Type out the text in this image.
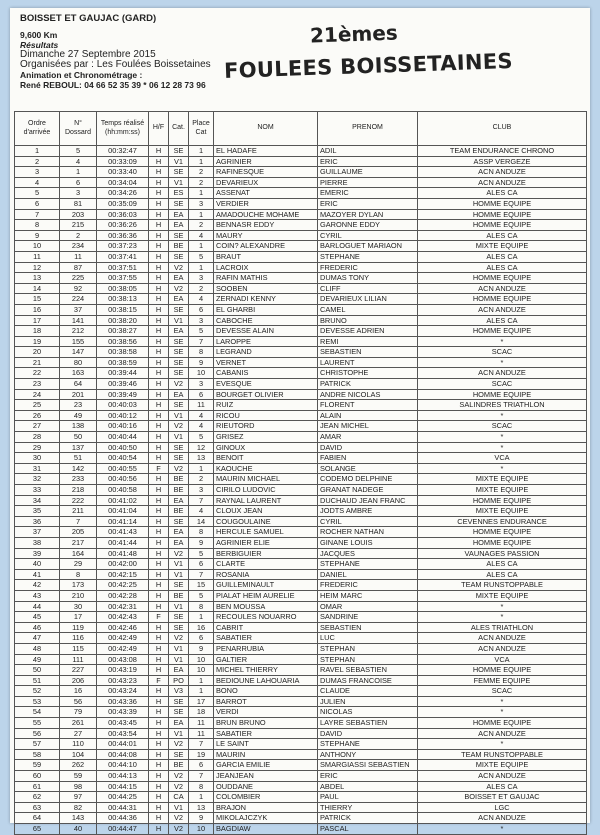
BOISSET ET GAUJAC (GARD)
9,600 Km
Résultats
Dimanche 27 Septembre 2015
Organisées par : Les Foulées Boissetaines
Animation et Chronométrage :
René REBOUL: 04 66 52 35 39 * 06 12 28 73 96
21èmes
FOULEES BOISSETAINES
Ordre d'arrivée	N° Dossard	Temps réalisé (hh:mm:ss)	H/F	Cat.	Place Cat	NOM	PRENOM	CLUB
1	5	00:32:47	H	SE	1	EL HADAFE	ADIL	TEAM ENDURANCE CHRONO
2	4	00:33:09	H	V1	1	AGRINIER	ERIC	ASSP VERGEZE
3	1	00:33:40	H	SE	2	RAFINESQUE	GUILLAUME	ACN ANDUZE
4	6	00:34:04	H	V1	2	DEVARIEUX	PIERRE	ACN ANDUZE
5	3	00:34:26	H	ES	1	ASSENAT	EMERIC	ALES CA
6	81	00:35:09	H	SE	3	VERDIER	ERIC	HOMME EQUIPE
7	203	00:36:03	H	EA	1	AMADOUCHE MOHAME	MAZOYER DYLAN	HOMME EQUIPE
8	215	00:36:26	H	EA	2	BENNASR EDDY	GARONNE EDDY	HOMME EQUIPE
9	2	00:36:36	H	SE	4	MAURY	CYRIL	ALES CA
10	234	00:37:23	H	BE	1	COIN? ALEXANDRE	BARLOGUET MARIAON	MIXTE EQUIPE
11	11	00:37:41	H	SE	5	BRAUT	STEPHANE	ALES CA
12	87	00:37:51	H	V2	1	LACROIX	FREDERIC	ALES CA
13	225	00:37:55	H	EA	3	RAFIN MATHIS	DUMAS TONY	HOMME EQUIPE
14	92	00:38:05	H	V2	2	SOOBEN	CLIFF	ACN ANDUZE
15	224	00:38:13	H	EA	4	ZERNADI KENNY	DEVARIEUX LILIAN	HOMME EQUIPE
16	37	00:38:15	H	SE	6	EL GHARBI	CAMEL	ACN ANDUZE
17	141	00:38:20	H	V1	3	CABOCHE	BRUNO	ALES CA
18	212	00:38:27	H	EA	5	DEVESSE ALAIN	DEVESSE ADRIEN	HOMME EQUIPE
19	155	00:38:56	H	SE	7	LAROPPE	REMI	*
20	147	00:38:58	H	SE	8	LEGRAND	SEBASTIEN	SCAC
21	80	00:38:59	H	SE	9	VERNET	LAURENT	*
22	163	00:39:44	H	SE	10	CABANIS	CHRISTOPHE	ACN ANDUZE
23	64	00:39:46	H	V2	3	EVESQUE	PATRICK	SCAC
24	201	00:39:49	H	EA	6	BOURGET OLIVIER	ANDRE NICOLAS	HOMME EQUIPE
25	23	00:40:03	H	SE	11	RUIZ	FLORENT	SALINDRES TRIATHLON
26	49	00:40:12	H	V1	4	RICOU	ALAIN	*
27	138	00:40:16	H	V2	4	RIEUTORD	JEAN MICHEL	SCAC
28	50	00:40:44	H	V1	5	GRISEZ	AMAR	*
29	137	00:40:50	H	SE	12	GINOUX	DAVID	*
30	51	00:40:54	H	SE	13	BENOIT	FABIEN	VCA
31	142	00:40:55	F	V2	1	KAOUCHE	SOLANGE	*
32	233	00:40:56	H	BE	2	MAURIN MICHAEL	CODEMO DELPHINE	MIXTE EQUIPE
33	218	00:40:58	H	BE	3	CIRILO LUDOVIC	GRANAT NADEGE	MIXTE EQUIPE
34	222	00:41:02	H	EA	7	RAYNAL LAURENT	DUCHAUD JEAN FRANC	HOMME EQUIPE
35	211	00:41:04	H	BE	4	CLOUX JEAN	JODTS AMBRE	MIXTE EQUIPE
36	7	00:41:14	H	SE	14	COUGOULAINE	CYRIL	CEVENNES ENDURANCE
37	205	00:41:43	H	EA	8	HERCULE SAMUEL	ROCHER NATHAN	HOMME EQUIPE
38	217	00:41:44	H	EA	9	AGRINIER ELIE	GINANE LOUIS	HOMME EQUIPE
39	164	00:41:48	H	V2	5	BERBIGUIER	JACQUES	VAUNAGES PASSION
40	29	00:42:00	H	V1	6	CLARTE	STEPHANE	ALES CA
41	8	00:42:15	H	V1	7	ROSANIA	DANIEL	ALES CA
42	173	00:42:25	H	SE	15	GUILLEMINAULT	FREDERIC	TEAM RUNSTOPPABLE
43	210	00:42:28	H	BE	5	PIALAT HEIM AURELIE	HEIM MARC	MIXTE EQUIPE
44	30	00:42:31	H	V1	8	BEN MOUSSA	OMAR	*
45	17	00:42:43	F	SE	1	RECOULES NOUARRO	SANDRINE	*
46	119	00:42:46	H	SE	16	CABRIT	SEBASTIEN	ALES TRIATHLON
47	116	00:42:49	H	V2	6	SABATIER	LUC	ACN ANDUZE
48	115	00:42:49	H	V1	9	PENARRUBIA	STEPHAN	ACN ANDUZE
49	111	00:43:08	H	V1	10	GALTIER	STEPHAN	VCA
50	227	00:43:19	H	EA	10	MICHEL THIERRY	RAVEL SEBASTIEN	HOMME EQUIPE
51	206	00:43:23	F	PO	1	BEDIOUNE LAHOUARIA	DUMAS FRANCOISE	FEMME EQUIPE
52	16	00:43:24	H	V3	1	BONO	CLAUDE	SCAC
53	56	00:43:36	H	SE	17	BARROT	JULIEN	*
54	79	00:43:39	H	SE	18	VERDI	NICOLAS	*
55	261	00:43:45	H	EA	11	BRUN BRUNO	LAYRE SEBASTIEN	HOMME EQUIPE
56	27	00:43:54	H	V1	11	SABATIER	DAVID	ACN ANDUZE
57	110	00:44:01	H	V2	7	LE SAINT	STEPHANE	*
58	104	00:44:08	H	SE	19	MAURIN	ANTHONY	TEAM RUNSTOPPABLE
59	262	00:44:10	H	BE	6	GARCIA EMILIE	SMARGIASSI SEBASTIEN	MIXTE EQUIPE
60	59	00:44:13	H	V2	7	JEANJEAN	ERIC	ACN ANDUZE
61	98	00:44:15	H	V2	8	OUDDANE	ABDEL	ALES CA
62	97	00:44:25	H	CA	1	COLOMBIER	PAUL	BOISSET ET GAUJAC
63	82	00:44:31	H	V1	13	BRAJON	THIERRY	LGC
64	143	00:44:36	H	V2	9	MIKOLAJCZYK	PATRICK	ACN ANDUZE
65	40	00:44:47	H	V2	10	BAGDIAW	PASCAL	*
